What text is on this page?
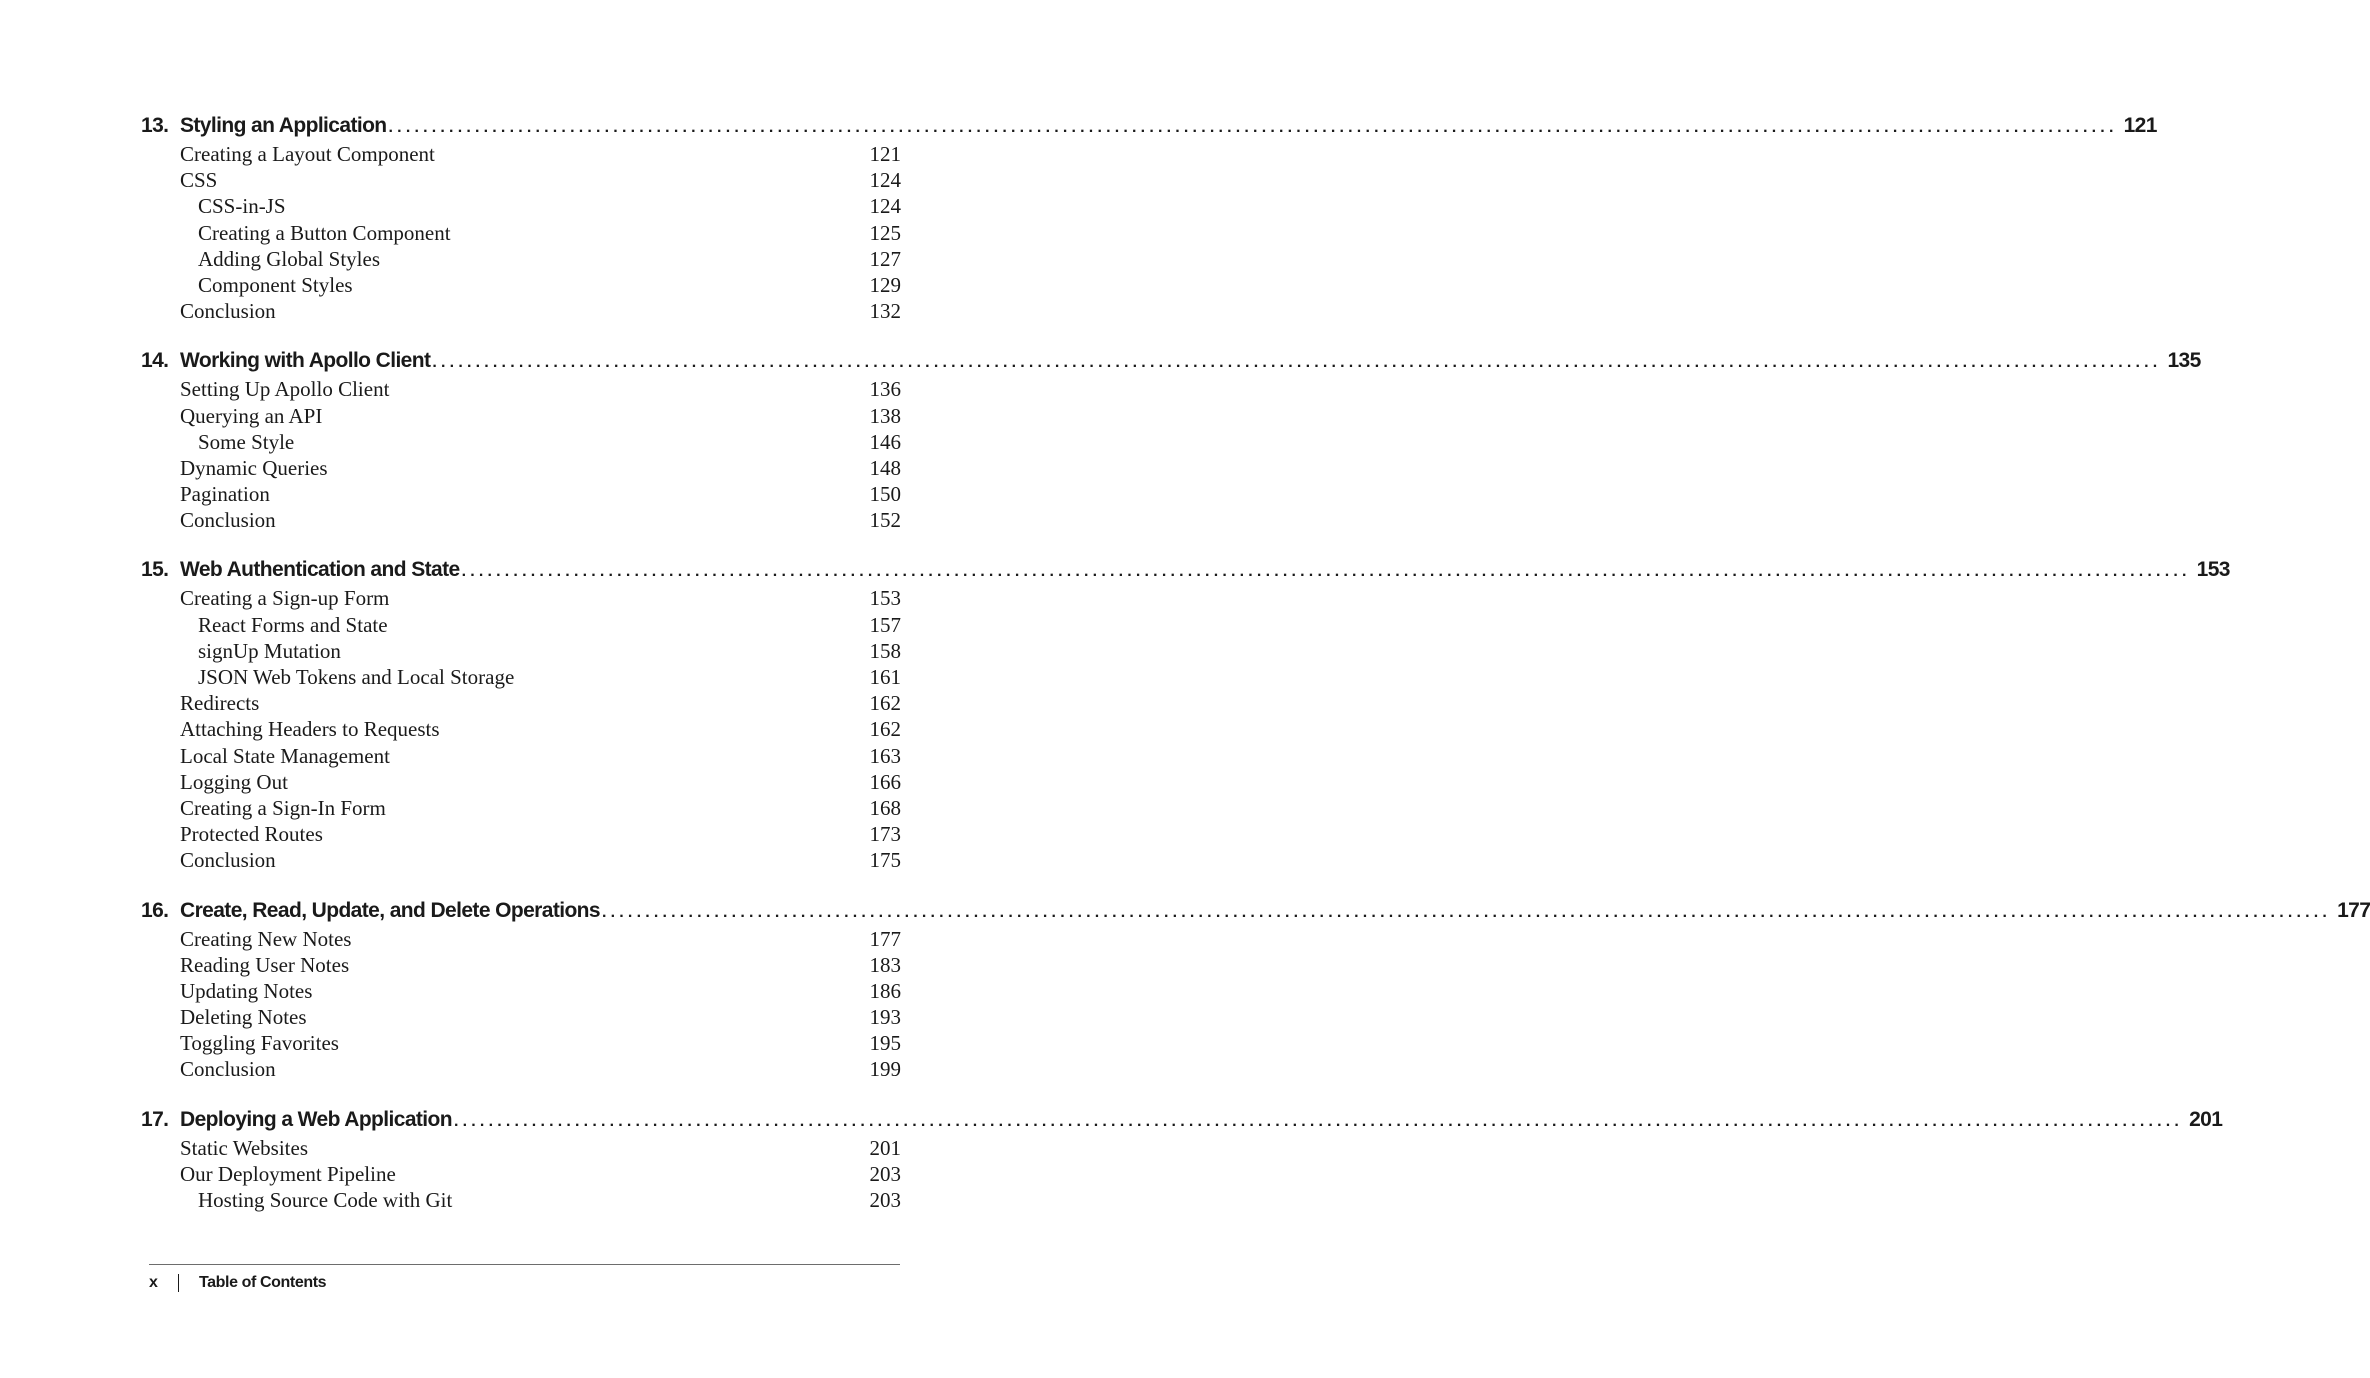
13. Styling an Application ........................................................................................................................................................................................................ 121
Creating a Layout Component	121
CSS	124
CSS-in-JS	124
Creating a Button Component	125
Adding Global Styles	127
Component Styles	129
Conclusion	132
14. Working with Apollo Client ........................................................................................................................................................................................................ 135
Setting Up Apollo Client	136
Querying an API	138
Some Style	146
Dynamic Queries	148
Pagination	150
Conclusion	152
15. Web Authentication and State ........................................................................................................................................................................................................ 153
Creating a Sign-up Form	153
React Forms and State	157
signUp Mutation	158
JSON Web Tokens and Local Storage	161
Redirects	162
Attaching Headers to Requests	162
Local State Management	163
Logging Out	166
Creating a Sign-In Form	168
Protected Routes	173
Conclusion	175
16. Create, Read, Update, and Delete Operations ........................................................................................................................................................................................................ 177
Creating New Notes	177
Reading User Notes	183
Updating Notes	186
Deleting Notes	193
Toggling Favorites	195
Conclusion	199
17. Deploying a Web Application ........................................................................................................................................................................................................ 201
Static Websites	201
Our Deployment Pipeline	203
Hosting Source Code with Git	203
x	Table of Contents
